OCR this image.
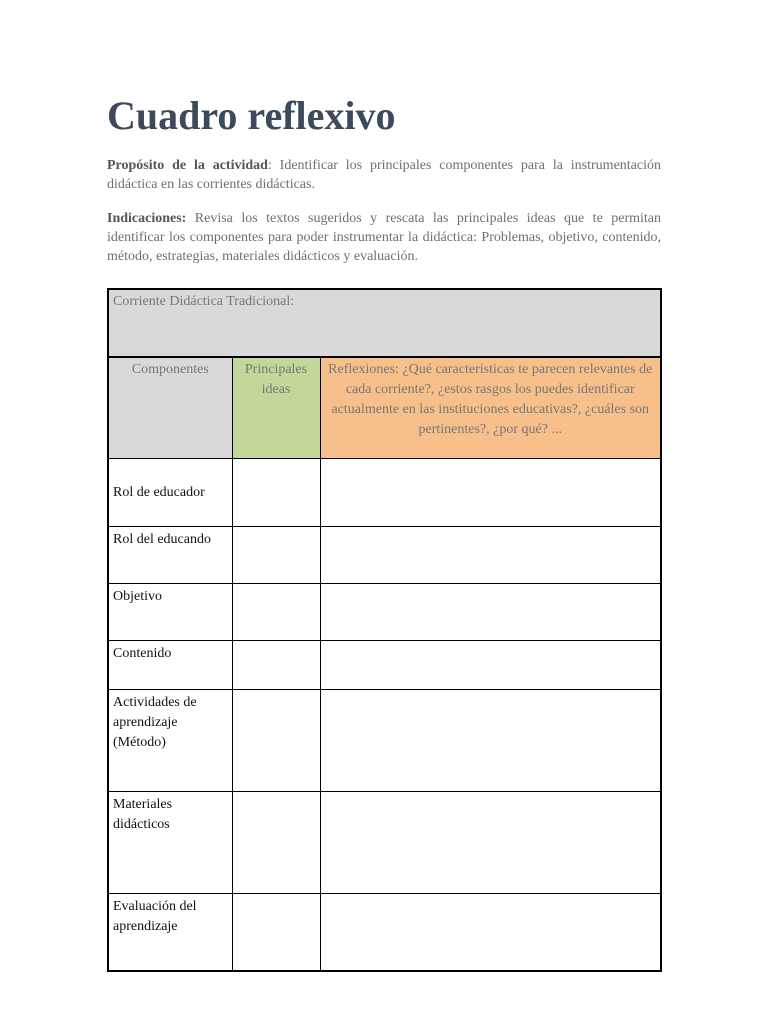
Cuadro reflexivo

Propósito de la actividad: Identificar los principales componentes para la instrumentación didáctica en las corrientes didácticas.

Indicaciones: Revisa los textos sugeridos y rescata las principales ideas que te permitan identificar los componentes para poder instrumentar la didáctica: Problemas, objetivo, contenido, método, estrategias, materiales didácticos y evaluación.

Corriente Didáctica Tradicional:		
Componentes	Principales ideas	Reflexiones: ¿Qué características te parecen relevantes de cada corriente?, ¿estos rasgos los puedes identificar actualmente en las instituciones educativas?, ¿cuáles son pertinentes?, ¿por qué? ...
Rol de educador		
Rol del educando		
Objetivo		
Contenido		
Actividades de aprendizaje (Método)		
Materiales didácticos		
Evaluación del aprendizaje		
